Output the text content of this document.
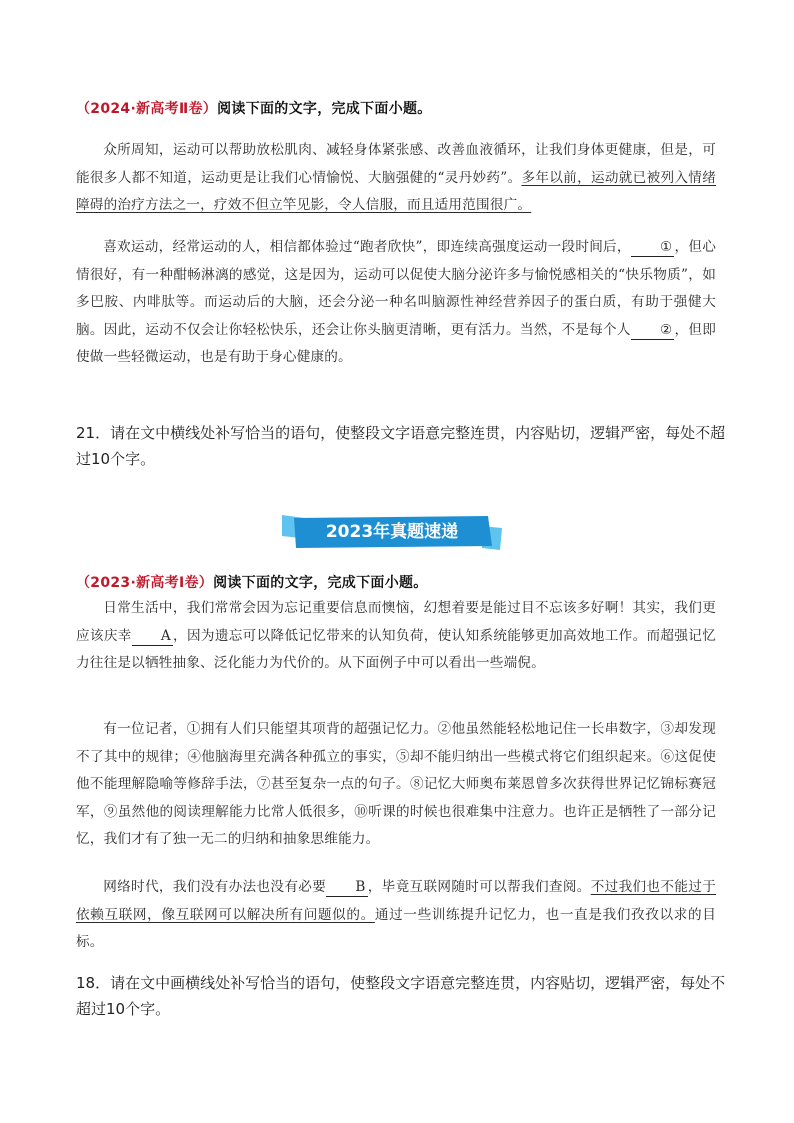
（2024·新高考Ⅱ卷）阅读下面的文字，完成下面小题。
众所周知，运动可以帮助放松肌肉、减轻身体紧张感、改善血液循环，让我们身体更健康，但是，可能很多人都不知道，运动更是让我们心情愉悦、大脑强健的“灵丹妙药”。多年以前，运动就已被列入情绪障碍的治疗方法之一，疗效不但立竿见影，令人信服，而且适用范围很广。
喜欢运动，经常运动的人，相信都体验过“跑者欣快”，即连续高强度运动一段时间后， ① ，但心情很好，有一种酣畅淋漓的感觉，这是因为，运动可以促使大脑分泌许多与愉悦感相关的“快乐物质”，如多巴胺、内啡肽等。而运动后的大脑，还会分泌一种名叫脑源性神经营养因子的蛋白质，有助于强健大脑。因此，运动不仅会让你轻松快乐，还会让你头脑更清晰，更有活力。当然，不是每个人 ② ，但即使做一些轻微运动，也是有助于身心健康的。
21．请在文中横线处补写恰当的语句，使整段文字语意完整连贯，内容贴切，逻辑严密，每处不超过10个字。
2023年真题速递
（2023·新高考Ⅰ卷）阅读下面的文字，完成下面小题。
日常生活中，我们常常会因为忘记重要信息而懊恼，幻想着要是能过目不忘该多好啊！其实，我们更应该庆幸 A ，因为遗忘可以降低记忆带来的认知负荷，使认知系统能够更加高效地工作。而超强记忆力往往是以牺牲抽象、泛化能力为代价的。从下面例子中可以看出一些端倪。
有一位记者，①拥有人们只能望其项背的超强记忆力。②他虽然能轻松地记住一长串数字，③却发现不了其中的规律；④他脑海里充满各种孤立的事实，⑤却不能归纳出一些模式将它们组织起来。⑥这促使他不能理解隐喻等修辞手法，⑦甚至复杂一点的句子。⑧记忆大师奥布莱恩曾多次获得世界记忆锦标赛冠军，⑨虽然他的阅读理解能力比常人低很多，⑩听课的时候也很难集中注意力。也许正是牺牲了一部分记忆，我们才有了独一无二的归纳和抽象思维能力。
网络时代，我们没有办法也没有必要 B ，毕竟互联网随时可以帮我们查阅。不过我们也不能过于依赖互联网，像互联网可以解决所有问题似的。通过一些训练提升记忆力，也一直是我们孜孜以求的目标。
18．请在文中画横线处补写恰当的语句，使整段文字语意完整连贯，内容贴切，逻辑严密，每处不超过10个字。
